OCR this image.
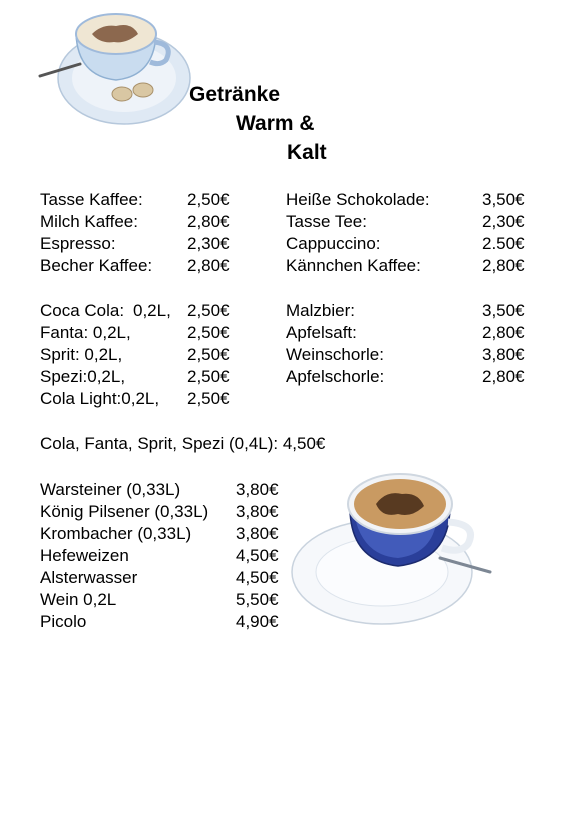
Getränke
Warm &
Kalt
Tasse Kaffee:	2,50€
Milch Kaffee:	2,80€
Espresso:	2,30€
Becher Kaffee: 2,80€
Heiße Schokolade:	3,50€
Tasse Tee:	2,30€
Cappuccino:	2.50€
Kännchen Kaffee:	2,80€
Coca Cola: 0,2L, 2,50€
Fanta: 0,2L,	2,50€
Sprit: 0,2L,	2,50€
Spezi:0,2L,	2,50€
Cola Light:0,2L, 2,50€
Malzbier:	3,50€
Apfelsaft:	2,80€
Weinschorle:	3,80€
Apfelschorle:	2,80€
Cola, Fanta, Sprit, Spezi (0,4L): 4,50€
Warsteiner (0,33L)	3,80€
König Pilsener (0,33L) 3,80€
Krombacher (0,33L)	3,80€
Hefeweizen	4,50€
Alsterwasser	4,50€
Wein 0,2L	5,50€
Picolo	4,90€
